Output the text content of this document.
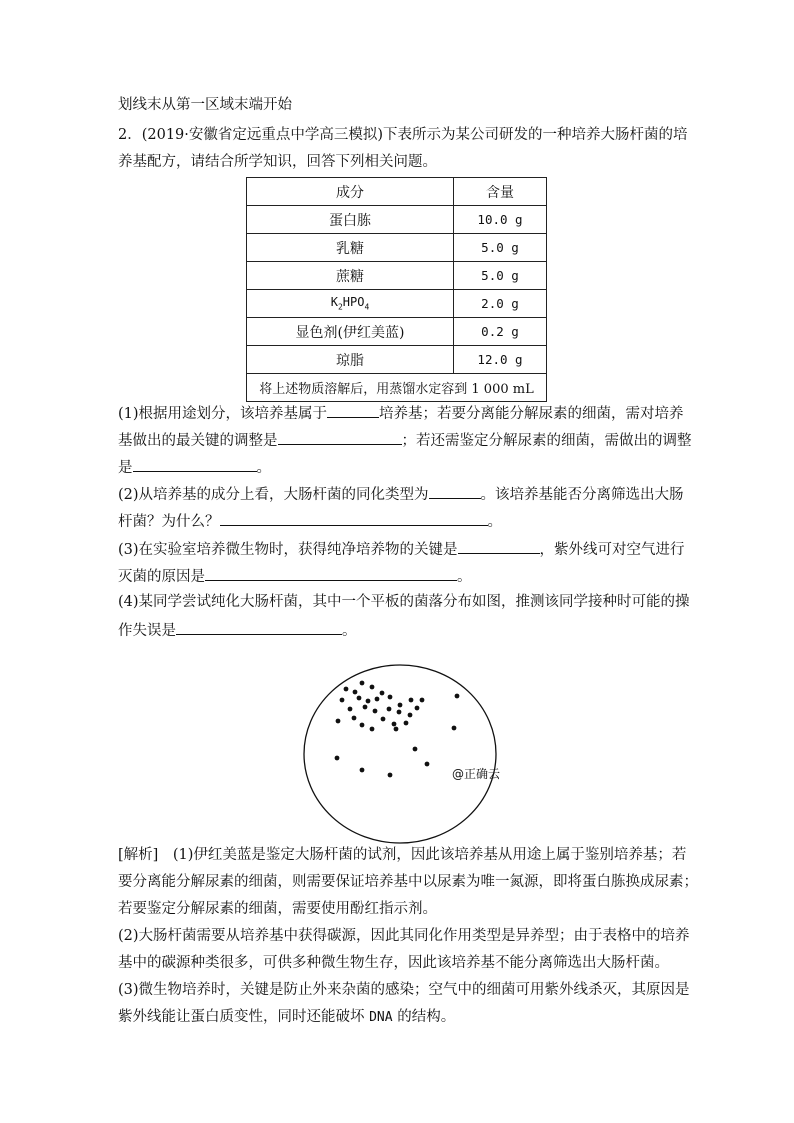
划线末从第一区域末端开始
2．(2019·安徽省定远重点中学高三模拟)下表所示为某公司研发的一种培养大肠杆菌的培
养基配方，请结合所学知识，回答下列相关问题。
成分	含量
蛋白胨	10.0 g
乳糖	5.0 g
蔗糖	5.0 g
$K_2HPO_4$	2.0 g
显色剂(伊红美蓝)	0.2 g
琼脂	12.0 g
将上述物质溶解后，用蒸馏水定容到 1 000 mL	
(1)根据用途划分，该培养基属于	培养基；若要分离能分解尿素的细菌，需对培养
基做出的最关键的调整是	；若还需鉴定分解尿素的细菌，需做出的调整
是	。
(2)从培养基的成分上看，大肠杆菌的同化类型为	。该培养基能否分离筛选出大肠
杆菌？为什么？	。
(3)在实验室培养微生物时，获得纯净培养物的关键是	，紫外线可对空气进行
灭菌的原因是	。
(4)某同学尝试纯化大肠杆菌，其中一个平板的菌落分布如图，推测该同学接种时可能的操
作失误是	。
@正确云
[解析]　(1)伊红美蓝是鉴定大肠杆菌的试剂，因此该培养基从用途上属于鉴别培养基；若
要分离能分解尿素的细菌，则需要保证培养基中以尿素为唯一氮源，即将蛋白胨换成尿素；
若要鉴定分解尿素的细菌，需要使用酚红指示剂。
(2)大肠杆菌需要从培养基中获得碳源，因此其同化作用类型是异养型；由于表格中的培养
基中的碳源种类很多，可供多种微生物生存，因此该培养基不能分离筛选出大肠杆菌。
(3)微生物培养时，关键是防止外来杂菌的感染；空气中的细菌可用紫外线杀灭，其原因是
紫外线能让蛋白质变性，同时还能破坏 DNA 的结构。
